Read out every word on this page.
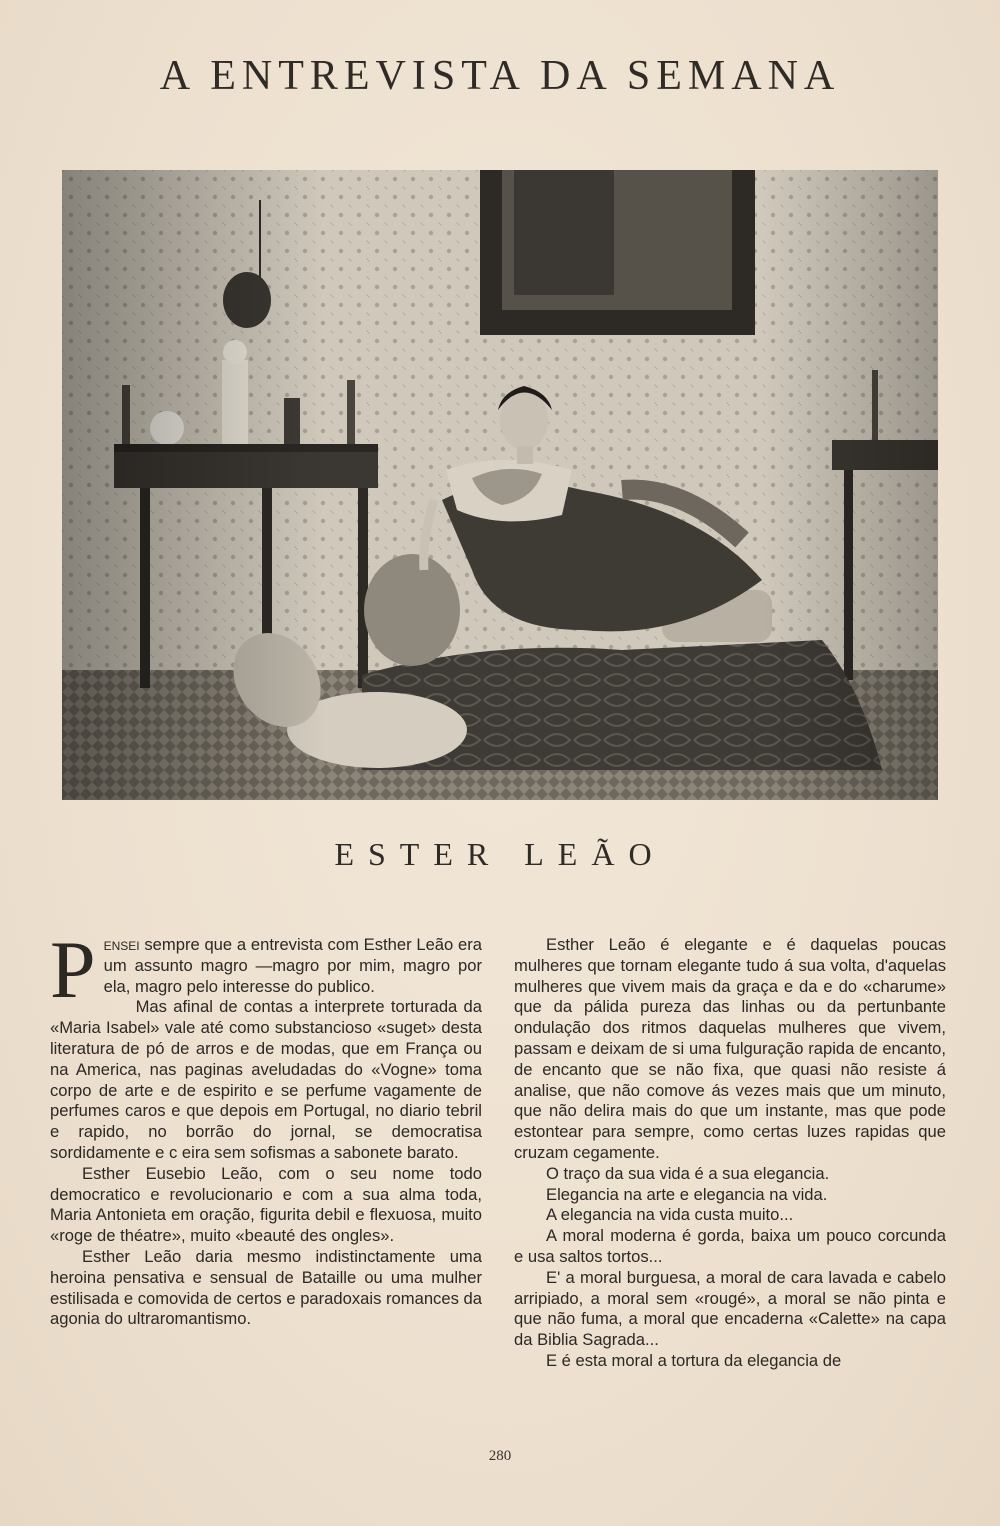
A ENTREVISTA DA SEMANA
ESTER LEÃO

Pensei sempre que a entrevista com Esther Leão era um assunto magro —magro por mim, magro por ela, magro pelo interesse do publico.

Mas afinal de contas a interprete torturada da «Maria Isabel» vale até como substancioso «suget» desta literatura de pó de arros e de modas, que em França ou na America, nas paginas aveludadas do «Vogne» toma corpo de arte e de espirito e se perfume vagamente de perfumes caros e que depois em Portugal, no diario tebril e rapido, no borrão do jornal, se democratisa sordidamente e c eira sem sofismas a sabonete barato.

Esther Eusebio Leão, com o seu nome todo democratico e revolucionario e com a sua alma toda, Maria Antonieta em oração, figurita debil e flexuosa, muito «roge de théatre», muito «beauté des ongles».

Esther Leão daria mesmo indistinctamente uma heroina pensativa e sensual de Bataille ou uma mulher estilisada e comovida de certos e paradoxais romances da agonia do ultraromantismo.

Esther Leão é elegante e é daquelas poucas mulheres que tornam elegante tudo á sua volta, d'aquelas mulheres que vivem mais da graça e da e do «charume» que da pálida pureza das linhas ou da pertunbante ondulação dos ritmos daquelas mulheres que vivem, passam e deixam de si uma fulguração rapida de encanto, de encanto que se não fixa, que quasi não resiste á analise, que não comove ás vezes mais que um minuto, que não delira mais do que um instante, mas que pode estontear para sempre, como certas luzes rapidas que cruzam cegamente.

O traço da sua vida é a sua elegancia.

Elegancia na arte e elegancia na vida.

A elegancia na vida custa muito...

A moral moderna é gorda, baixa um pouco corcunda e usa saltos tortos...

E' a moral burguesa, a moral de cara lavada e cabelo arripiado, a moral sem «rougé», a moral se não pinta e que não fuma, a moral que encaderna «Calette» na capa da Biblia Sagrada...

E é esta moral a tortura da elegancia de

280
